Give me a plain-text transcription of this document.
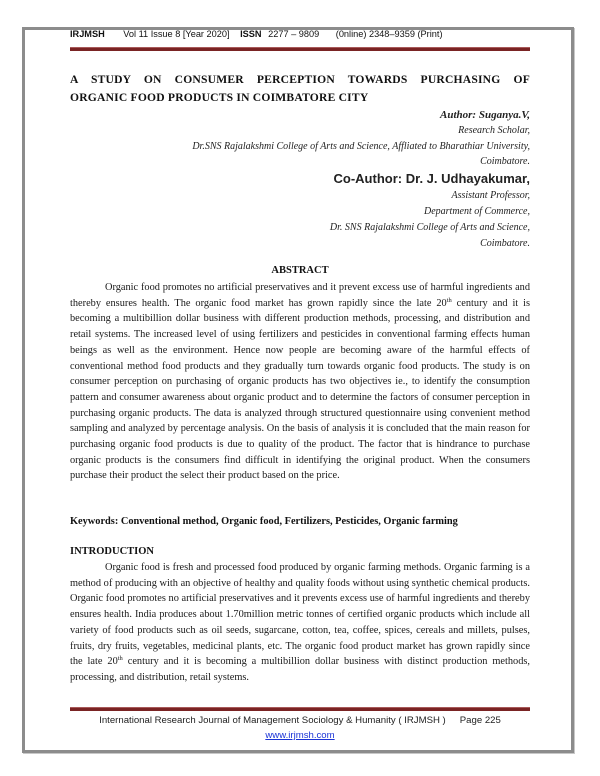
IRJMSH Vol 11 Issue 8 [Year 2020] ISSN 2277 – 9809 (0nline) 2348–9359 (Print)
A STUDY ON CONSUMER PERCEPTION TOWARDS PURCHASING OF
ORGANIC FOOD PRODUCTS IN COIMBATORE CITY
Author: Suganya.V,
Research Scholar,
Dr.SNS Rajalakshmi College of Arts and Science, Affliated to Bharathiar University,
Coimbatore.
Co-Author: Dr. J. Udhayakumar,
Assistant Professor,
Department of Commerce,
Dr. SNS Rajalakshmi College of Arts and Science,
Coimbatore.
ABSTRACT

Organic food promotes no artificial preservatives and it prevent excess use of harmful ingredients and thereby ensures health. The organic food market has grown rapidly since the late 20th century and it is becoming a multibillion dollar business with different production methods, processing, and distribution and retail systems. The increased level of using fertilizers and pesticides in conventional farming effects human beings as well as the environment. Hence now people are becoming aware of the harmful effects of conventional method food products and they gradually turn towards organic food products. The study is on consumer perception on purchasing of organic products has two objectives ie., to identify the consumption pattern and consumer awareness about organic product and to determine the factors of consumer perception in purchasing organic products. The data is analyzed through structured questionnaire using convenient method sampling and analyzed by percentage analysis. On the basis of analysis it is concluded that the main reason for purchasing organic food products is due to quality of the product. The factor that is hindrance to purchase organic products is the consumers find difficult in identifying the original product. When the consumers purchase their product the select their product based on the price.

Keywords: Conventional method, Organic food, Fertilizers, Pesticides, Organic farming
INTRODUCTION

Organic food is fresh and processed food produced by organic farming methods. Organic farming is a method of producing with an objective of healthy and quality foods without using synthetic chemical products. Organic food promotes no artificial preservatives and it prevents excess use of harmful ingredients and thereby ensures health. India produces about 1.70million metric tonnes of certified organic products which include all variety of food products such as oil seeds, sugarcane, cotton, tea, coffee, spices, cereals and millets, pulses, fruits, dry fruits, vegetables, medicinal plants, etc. The organic food product market has grown rapidly since the late 20th century and it is becoming a multibillion dollar business with distinct production methods, processing, and distribution, retail systems.

International Research Journal of Management Sociology & Humanity ( IRJMSH ) Page 225
www.irjmsh.com
